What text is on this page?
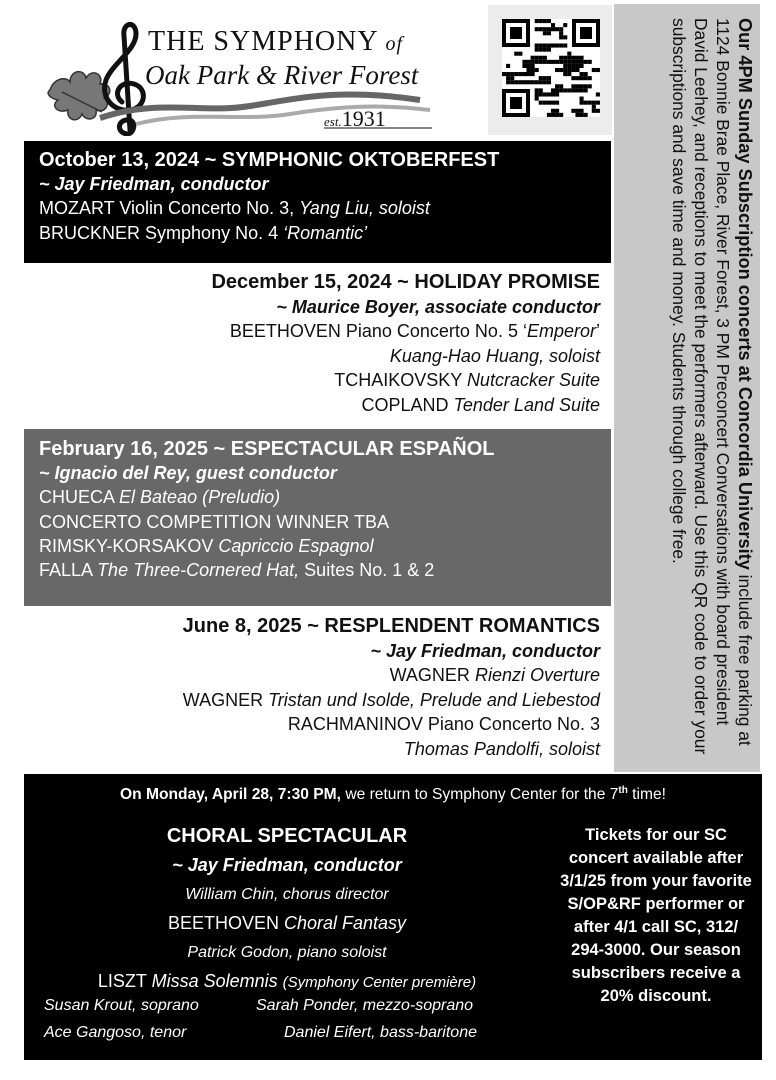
THE SYMPHONY of
Oak Park & River Forest
est.1931	Our 4PM Sunday Subscription concerts at Concordia University include free parking at 1124 Bonnie Brae Place, River Forest, 3 PM Preconcert Conversations with board president David Leehey, and receptions to meet the performers afterward. Use this QR code to order your subscriptions and save time and money. Students through college free.
October 13, 2024 ~ SYMPHONIC OKTOBERFEST
~ Jay Friedman, conductor
MOZART Violin Concerto No. 3, Yang Liu, soloist
BRUCKNER Symphony No. 4 ‘Romantic’
December 15, 2024 ~ HOLIDAY PROMISE
~ Maurice Boyer, associate conductor
BEETHOVEN Piano Concerto No. 5 ‘Emperor’
Kuang-Hao Huang, soloist
TCHAIKOVSKY Nutcracker Suite
COPLAND Tender Land Suite
February 16, 2025 ~ ESPECTACULAR ESPAÑOL
~ Ignacio del Rey, guest conductor
CHUECA El Bateao (Preludio)
CONCERTO COMPETITION WINNER TBA
RIMSKY-KORSAKOV Capriccio Espagnol
FALLA The Three-Cornered Hat, Suites No. 1 & 2
June 8, 2025 ~ RESPLENDENT ROMANTICS
~ Jay Friedman, conductor
WAGNER Rienzi Overture
WAGNER Tristan und Isolde, Prelude and Liebestod
RACHMANINOV Piano Concerto No. 3
Thomas Pandolfi, soloist
On Monday, April 28, 7:30 PM, we return to Symphony Center for the 7th time!
CHORAL SPECTACULAR
~ Jay Friedman, conductor
William Chin, chorus director
BEETHOVEN Choral Fantasy
Patrick Godon, piano soloist
LISZT Missa Solemnis (Symphony Center première)
Susan Krout, soprano	Sarah Ponder, mezzo-soprano
Ace Gangoso, tenor	Daniel Eifert, bass-baritone
Tickets for our SC concert available after 3/1/25 from your favorite S/OP&RF performer or after 4/1 call SC, 312/ 294-3000. Our season subscribers receive a 20% discount.
